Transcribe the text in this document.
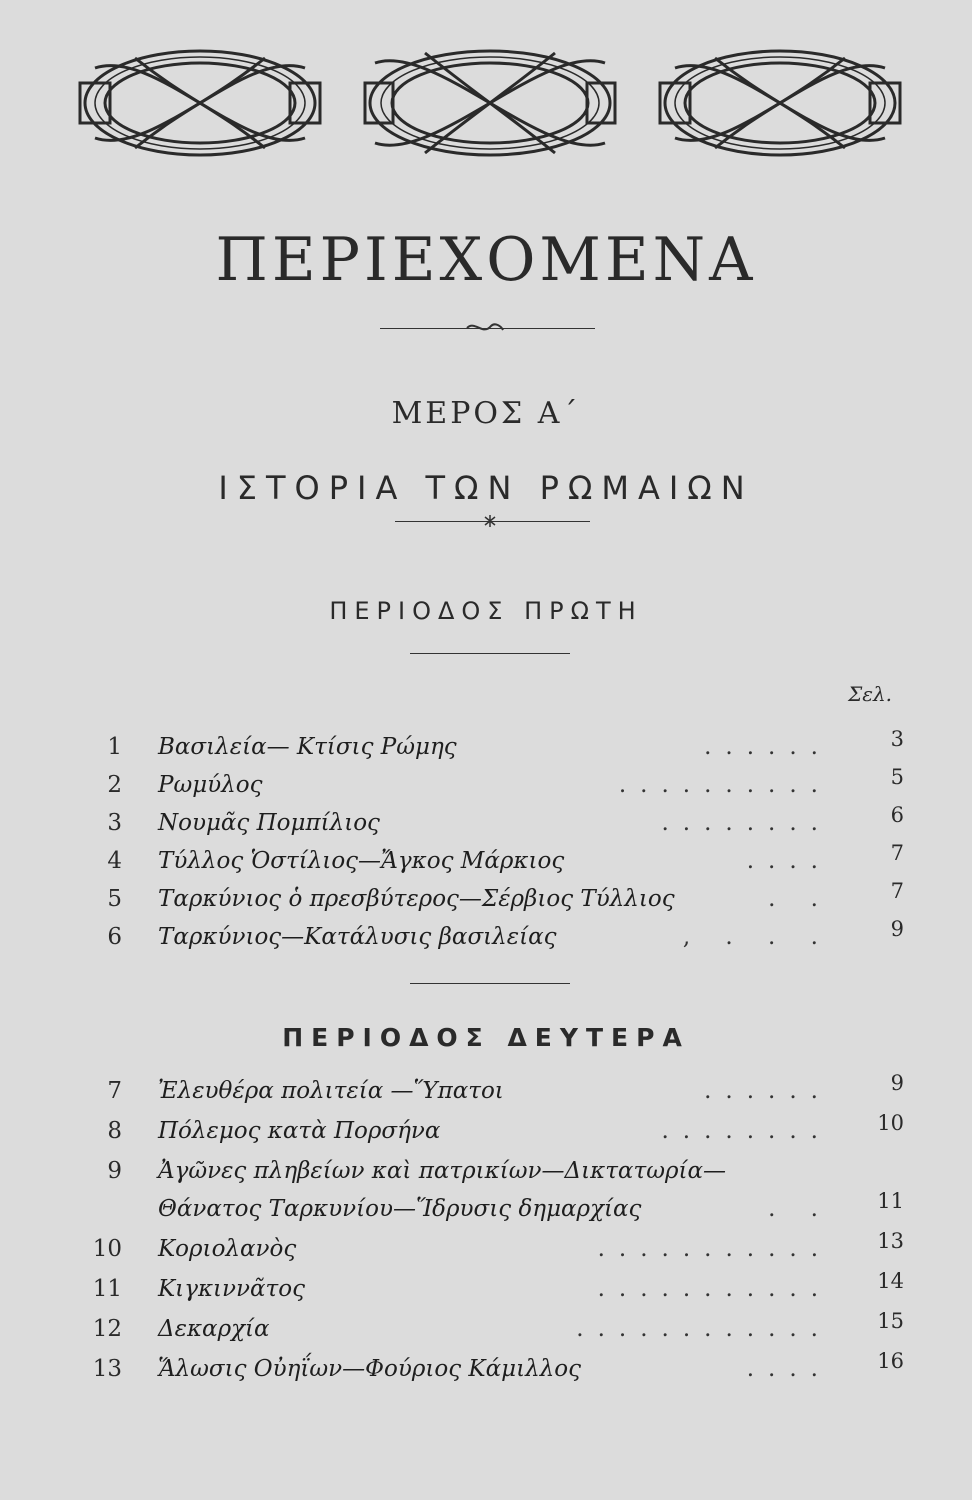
ΠΕΡΙΕΧΟΜΕΝΑ
ΜΕΡΟΣ Α΄
ΙΣΤΟΡΙΑ ΤΩΝ ΡΩΜΑΙΩΝ
ΠΕΡΙΟΔΟΣ ΠΡΩΤΗ
Σελ.
1 Βασιλεία— Κτίσις Ρώμης	......	3
2 Ρωμύλος	..........	5
3 Νουμᾶς Πομπίλιος	........	6
4 Τύλλος Ὁστίλιος—Ἄγκος Μάρκιος	....	7
5 Ταρκύνιος ὁ πρεσβύτερος—Σέρβιος Τύλλιος	. .	7
6 Ταρκύνιος—Κατάλυσις βασιλείας	, . . .	9
ΠΕΡΙΟΔΟΣ ΔΕΥΤΕΡΑ
7 Ἐλευθέρα πολιτεία —Ὕπατοι	......	9
8 Πόλεμος κατὰ Πορσήνα	........ 10
9 Ἀγῶνες πληβείων καὶ πατρικίων—Δικτατωρία—
Θάνατος Ταρκυνίου—Ἵδρυσις δημαρχίας	. . 11
10 Κοριολανὸς	........... 13
11 Κιγκιννᾶτος	........... 14
12 Δεκαρχία	............ 15
13 Ἅλωσις Οὐηΐων—Φούριος Κάμιλλος	.... 16
